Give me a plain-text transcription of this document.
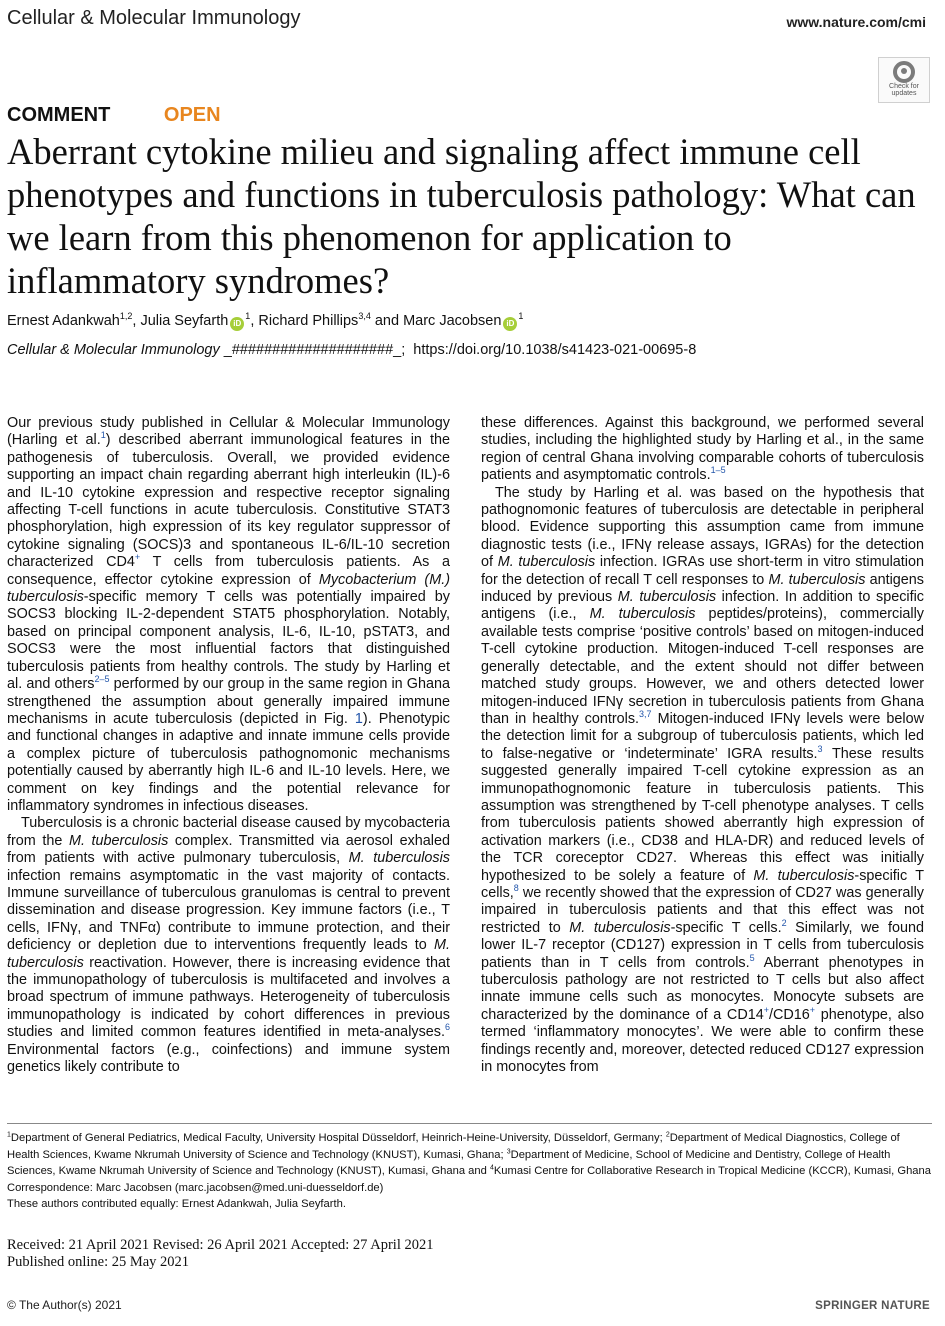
Cellular & Molecular Immunology	www.nature.com/cmi
Check for
updates
COMMENT	OPEN
Aberrant cytokine milieu and signaling affect immune cell phenotypes and functions in tuberculosis pathology: What can we learn from this phenomenon for application to inflammatory syndromes?
Ernest Adankwah$^{1,2}$, Julia Seyfarth $iD^1$, Richard Phillips$^{3,4}$ and Marc Jacobsen $iD^1$
Cellular & Molecular Immunology _####################_;  https://doi.org/10.1038/s41423-021-00695-8

Our previous study published in Cellular & Molecular Immunology (Harling et al.$^1$) described aberrant immunological features in the pathogenesis of tuberculosis. Overall, we provided evidence supporting an impact chain regarding aberrant high interleukin (IL)-6 and IL-10 cytokine expression and respective receptor signaling affecting T-cell functions in acute tuberculosis. Constitutive STAT3 phosphorylation, high expression of its key regulator suppressor of cytokine signaling (SOCS)3 and spontaneous IL-6/IL-10 secretion characterized CD4+ T cells from tuberculosis patients. As a consequence, effector cytokine expression of Mycobacterium (M.) tuberculosis-specific memory T cells was potentially impaired by SOCS3 blocking IL-2-dependent STAT5 phosphorylation. Notably, based on principal component analysis, IL-6, IL-10, pSTAT3, and SOCS3 were the most influential factors that distinguished tuberculosis patients from healthy controls. The study by Harling et al. and others$^{2-5}$ performed by our group in the same region in Ghana strengthened the assumption about generally impaired immune mechanisms in acute tuberculosis (depicted in Fig. 1). Phenotypic and functional changes in adaptive and innate immune cells provide a complex picture of tuberculosis pathognomonic mechanisms potentially caused by aberrantly high IL-6 and IL-10 levels. Here, we comment on key findings and the potential relevance for inflammatory syndromes in infectious diseases.

Tuberculosis is a chronic bacterial disease caused by mycobacteria from the M. tuberculosis complex. Transmitted via aerosol exhaled from patients with active pulmonary tuberculosis, M. tuberculosis infection remains asymptomatic in the vast majority of contacts. Immune surveillance of tuberculous granulomas is central to prevent dissemination and disease progression. Key immune factors (i.e., T cells, IFNγ, and TNFα) contribute to immune protection, and their deficiency or depletion due to interventions frequently leads to M. tuberculosis reactivation. However, there is increasing evidence that the immunopathology of tuberculosis is multifaceted and involves a broad spectrum of immune pathways. Heterogeneity of tuberculosis immunopathology is indicated by cohort differences in previous studies and limited common features identified in meta-analyses.$^6$ Environmental factors (e.g., coinfections) and immune system genetics likely contribute to

these differences. Against this background, we performed several studies, including the highlighted study by Harling et al., in the same region of central Ghana involving comparable cohorts of tuberculosis patients and asymptomatic controls.$^{1-5}$

The study by Harling et al. was based on the hypothesis that pathognomonic features of tuberculosis are detectable in peripheral blood. Evidence supporting this assumption came from immune diagnostic tests (i.e., IFNγ release assays, IGRAs) for the detection of M. tuberculosis infection. IGRAs use short-term in vitro stimulation for the detection of recall T cell responses to M. tuberculosis antigens induced by previous M. tuberculosis infection. In addition to specific antigens (i.e., M. tuberculosis peptides/proteins), commercially available tests comprise ‘positive controls’ based on mitogen-induced T-cell cytokine production. Mitogen-induced T-cell responses are generally detectable, and the extent should not differ between matched study groups. However, we and others detected lower mitogen-induced IFNγ secretion in tuberculosis patients from Ghana than in healthy controls.$^{3,7}$ Mitogen-induced IFNγ levels were below the detection limit for a subgroup of tuberculosis patients, which led to false-negative or ‘indeterminate’ IGRA results.$^3$ These results suggested generally impaired T-cell cytokine expression as an immunopathognomonic feature in tuberculosis patients. This assumption was strengthened by T-cell phenotype analyses. T cells from tuberculosis patients showed aberrantly high expression of activation markers (i.e., CD38 and HLA-DR) and reduced levels of the TCR coreceptor CD27. Whereas this effect was initially hypothesized to be solely a feature of M. tuberculosis-specific T cells,$^8$ we recently showed that the expression of CD27 was generally impaired in tuberculosis patients and that this effect was not restricted to M. tuberculosis-specific T cells.$^2$ Similarly, we found lower IL-7 receptor (CD127) expression in T cells from tuberculosis patients than in T cells from controls.$^5$ Aberrant phenotypes in tuberculosis pathology are not restricted to T cells but also affect innate immune cells such as monocytes. Monocyte subsets are characterized by the dominance of a CD14+/CD16+ phenotype, also termed ‘inflammatory monocytes’. We were able to confirm these findings recently and, moreover, detected reduced CD127 expression in monocytes from

$^1$Department of General Pediatrics, Medical Faculty, University Hospital Düsseldorf, Heinrich-Heine-University, Düsseldorf, Germany; $^2$Department of Medical Diagnostics, College of Health Sciences, Kwame Nkrumah University of Science and Technology (KNUST), Kumasi, Ghana; $^3$Department of Medicine, School of Medicine and Dentistry, College of Health Sciences, Kwame Nkrumah University of Science and Technology (KNUST), Kumasi, Ghana and $^4$Kumasi Centre for Collaborative Research in Tropical Medicine (KCCR), Kumasi, Ghana

Correspondence: Marc Jacobsen (marc.jacobsen@med.uni-duesseldorf.de)

These authors contributed equally: Ernest Adankwah, Julia Seyfarth.

Received: 21 April 2021 Revised: 26 April 2021 Accepted: 27 April 2021

Published online: 25 May 2021

© The Author(s) 2021	SPRINGER NATURE
